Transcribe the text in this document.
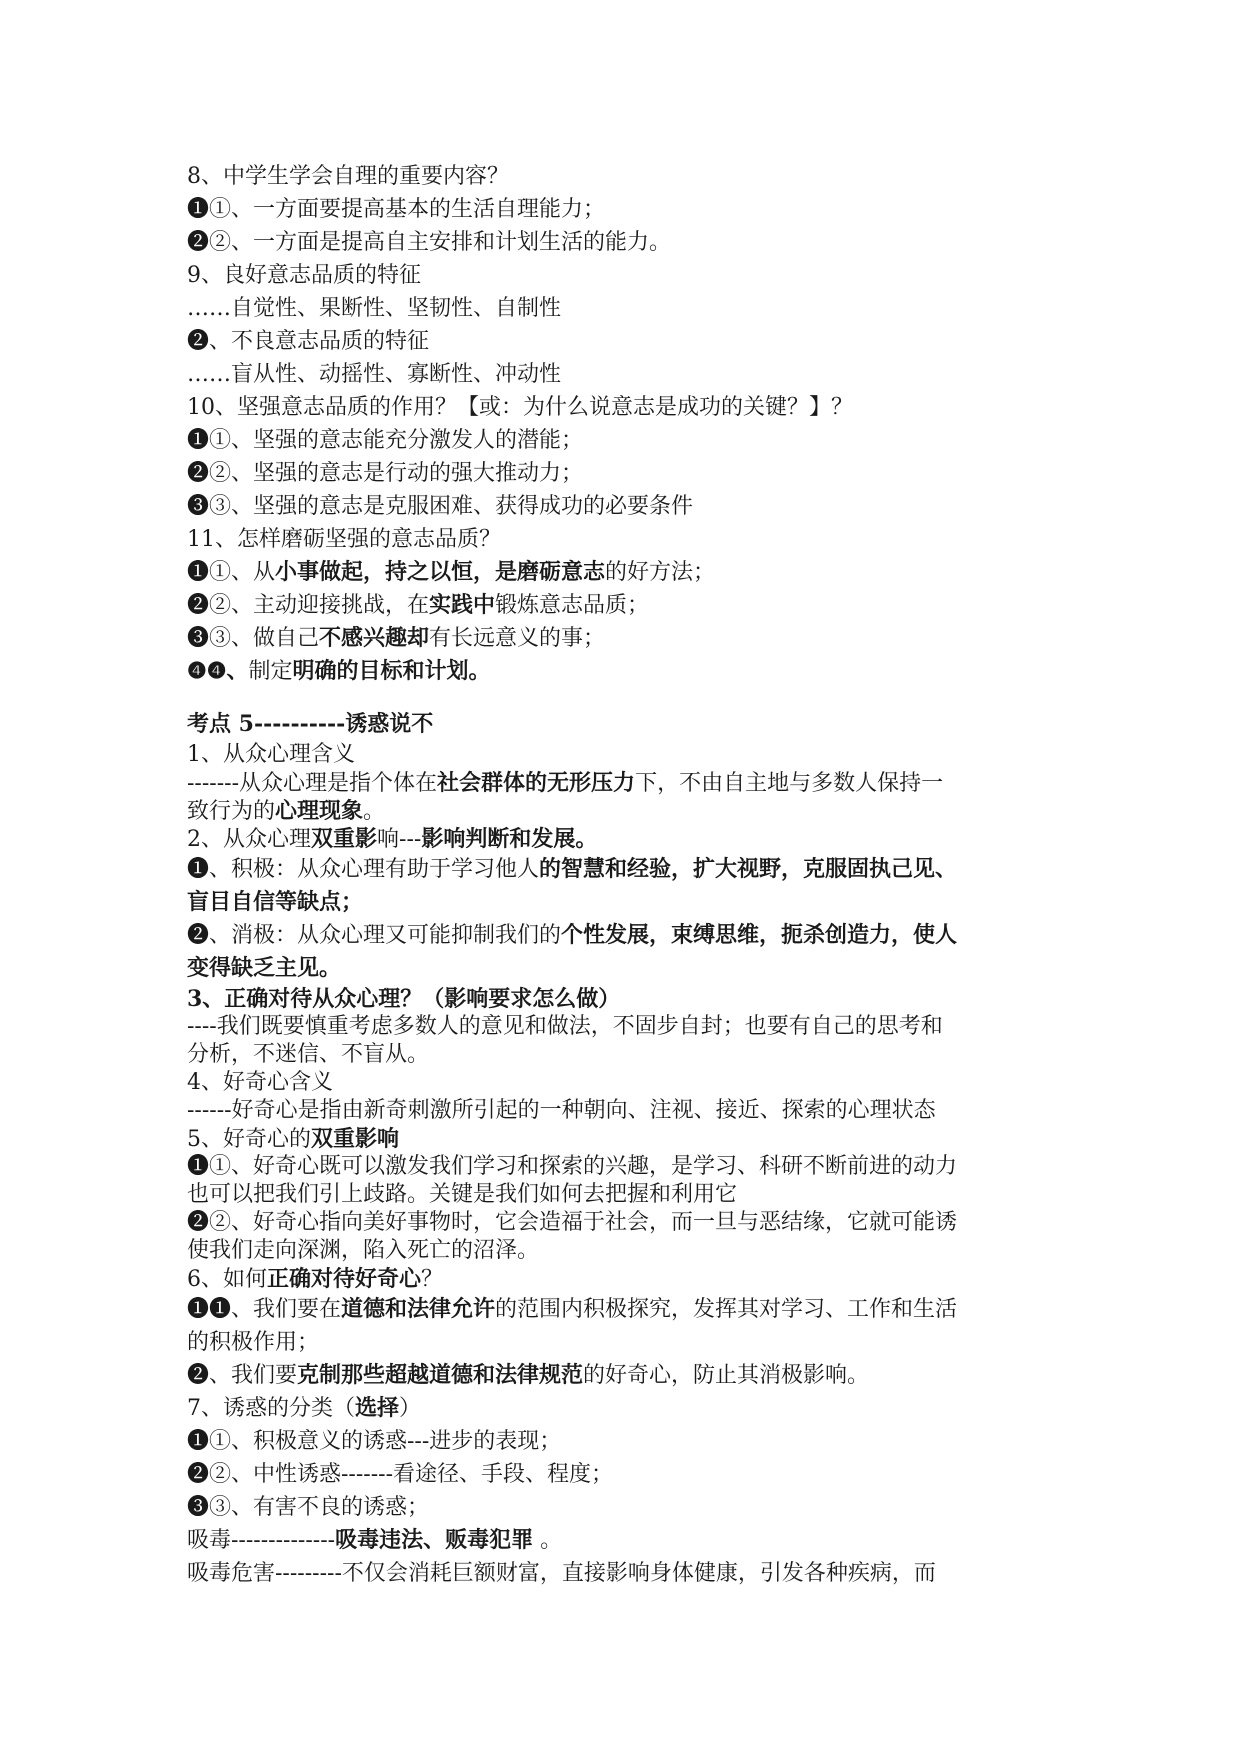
8、中学生学会自理的重要内容？
❶①、一方面要提高基本的生活自理能力；
❷②、一方面是提高自主安排和计划生活的能力。
9、良好意志品质的特征
……自觉性、果断性、坚韧性、自制性
❷、不良意志品质的特征
……盲从性、动摇性、寡断性、冲动性
10、坚强意志品质的作用？【或：为什么说意志是成功的关键？】？
❶①、坚强的意志能充分激发人的潜能；
❷②、坚强的意志是行动的强大推动力；
❸③、坚强的意志是克服困难、获得成功的必要条件
11、怎样磨砺坚强的意志品质？
❶①、从小事做起，持之以恒，是磨砺意志的好方法；
❷②、主动迎接挑战，在实践中锻炼意志品质；
❸③、做自己不感兴趣却有长远意义的事；
❹❹、制定明确的目标和计划。
考点 5----------诱惑说不
1、从众心理含义
-------从众心理是指个体在社会群体的无形压力下，不由自主地与多数人保持一
致行为的心理现象。
2、从众心理双重影响---影响判断和发展。
❶、积极：从众心理有助于学习他人的智慧和经验，扩大视野，克服固执己见、
盲目自信等缺点；
❷、消极：从众心理又可能抑制我们的个性发展，束缚思维，扼杀创造力，使人
变得缺乏主见。
3、正确对待从众心理？（影响要求怎么做）
----我们既要慎重考虑多数人的意见和做法，不固步自封；也要有自己的思考和
分析，不迷信、不盲从。
4、好奇心含义
------好奇心是指由新奇刺激所引起的一种朝向、注视、接近、探索的心理状态
5、好奇心的双重影响
❶①、好奇心既可以激发我们学习和探索的兴趣，是学习、科研不断前进的动力
也可以把我们引上歧路。关键是我们如何去把握和利用它
❷②、好奇心指向美好事物时，它会造福于社会，而一旦与恶结缘，它就可能诱
使我们走向深渊，陷入死亡的沼泽。
6、如何正确对待好奇心？
❶❶、我们要在道德和法律允许的范围内积极探究，发挥其对学习、工作和生活
的积极作用；
❷、我们要克制那些超越道德和法律规范的好奇心，防止其消极影响。
7、诱惑的分类（选择）
❶①、积极意义的诱惑---进步的表现；
❷②、中性诱惑-------看途径、手段、程度；
❸③、有害不良的诱惑；
吸毒--------------吸毒违法、贩毒犯罪 。
吸毒危害---------不仅会消耗巨额财富，直接影响身体健康，引发各种疾病，而
